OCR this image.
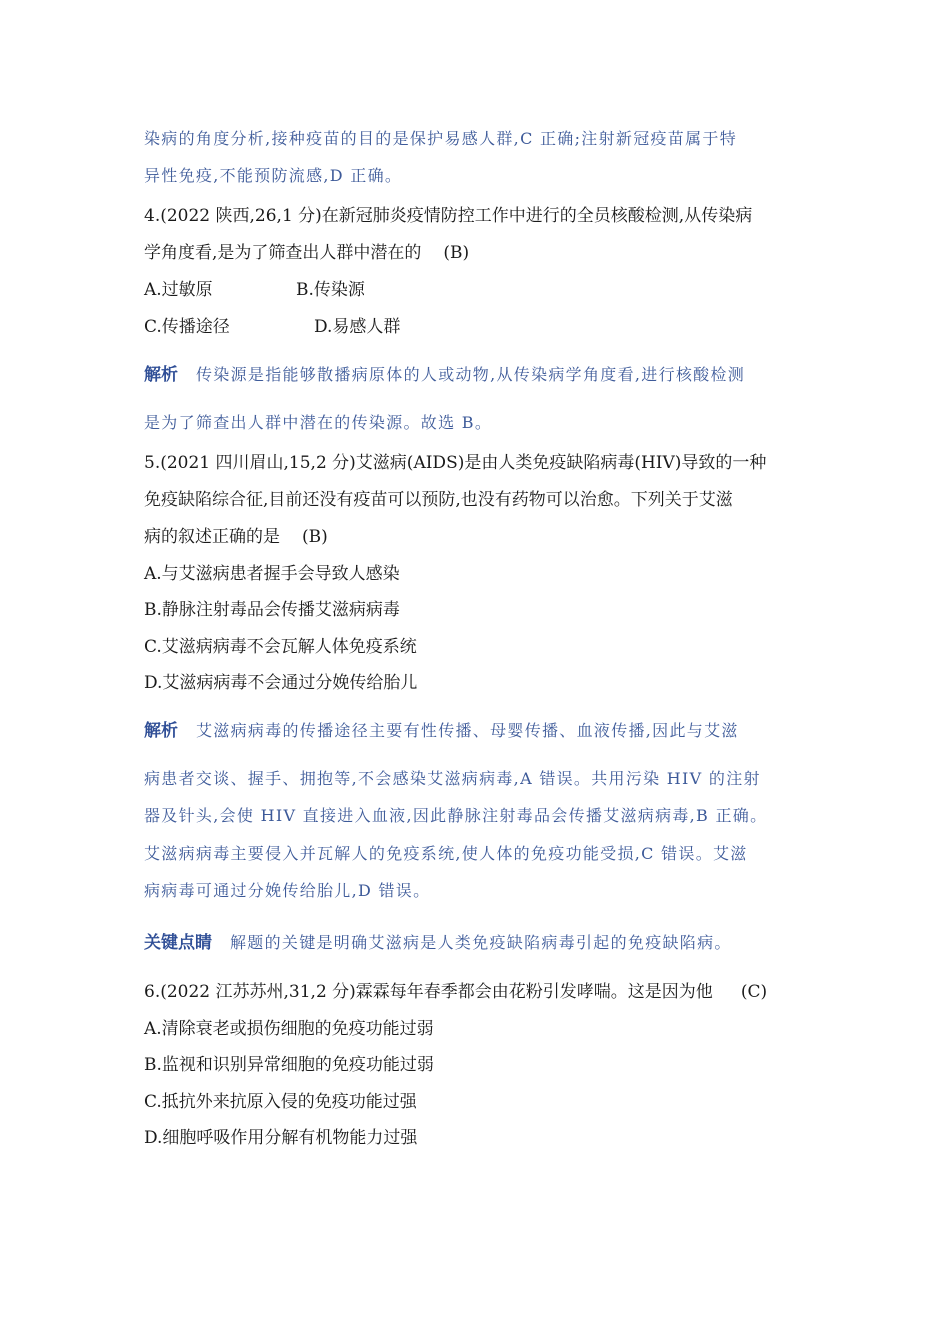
染病的角度分析,接种疫苗的目的是保护易感人群,C 正确;注射新冠疫苗属于特
异性免疫,不能预防流感,D 正确。
4.(2022 陕西,26,1 分)在新冠肺炎疫情防控工作中进行的全员核酸检测,从传染病
学角度看,是为了筛查出人群中潜在的 (B)
A.过敏原	B.传染源
C.传播途径	D.易感人群
解析 传染源是指能够散播病原体的人或动物,从传染病学角度看,进行核酸检测
是为了筛查出人群中潜在的传染源。故选 B。
5.(2021 四川眉山,15,2 分)艾滋病(AIDS)是由人类免疫缺陷病毒(HIV)导致的一种
免疫缺陷综合征,目前还没有疫苗可以预防,也没有药物可以治愈。下列关于艾滋
病的叙述正确的是 (B)
A.与艾滋病患者握手会导致人感染
B.静脉注射毒品会传播艾滋病病毒
C.艾滋病病毒不会瓦解人体免疫系统
D.艾滋病病毒不会通过分娩传给胎儿
解析 艾滋病病毒的传播途径主要有性传播、母婴传播、血液传播,因此与艾滋
病患者交谈、握手、拥抱等,不会感染艾滋病病毒,A 错误。共用污染 HIV 的注射
器及针头,会使 HIV 直接进入血液,因此静脉注射毒品会传播艾滋病病毒,B 正确。
艾滋病病毒主要侵入并瓦解人的免疫系统,使人体的免疫功能受损,C 错误。艾滋
病病毒可通过分娩传给胎儿,D 错误。
关键点睛 解题的关键是明确艾滋病是人类免疫缺陷病毒引起的免疫缺陷病。
6.(2022 江苏苏州,31,2 分)霖霖每年春季都会由花粉引发哮喘。这是因为他 (C)
A.清除衰老或损伤细胞的免疫功能过弱
B.监视和识别异常细胞的免疫功能过弱
C.抵抗外来抗原入侵的免疫功能过强
D.细胞呼吸作用分解有机物能力过强
